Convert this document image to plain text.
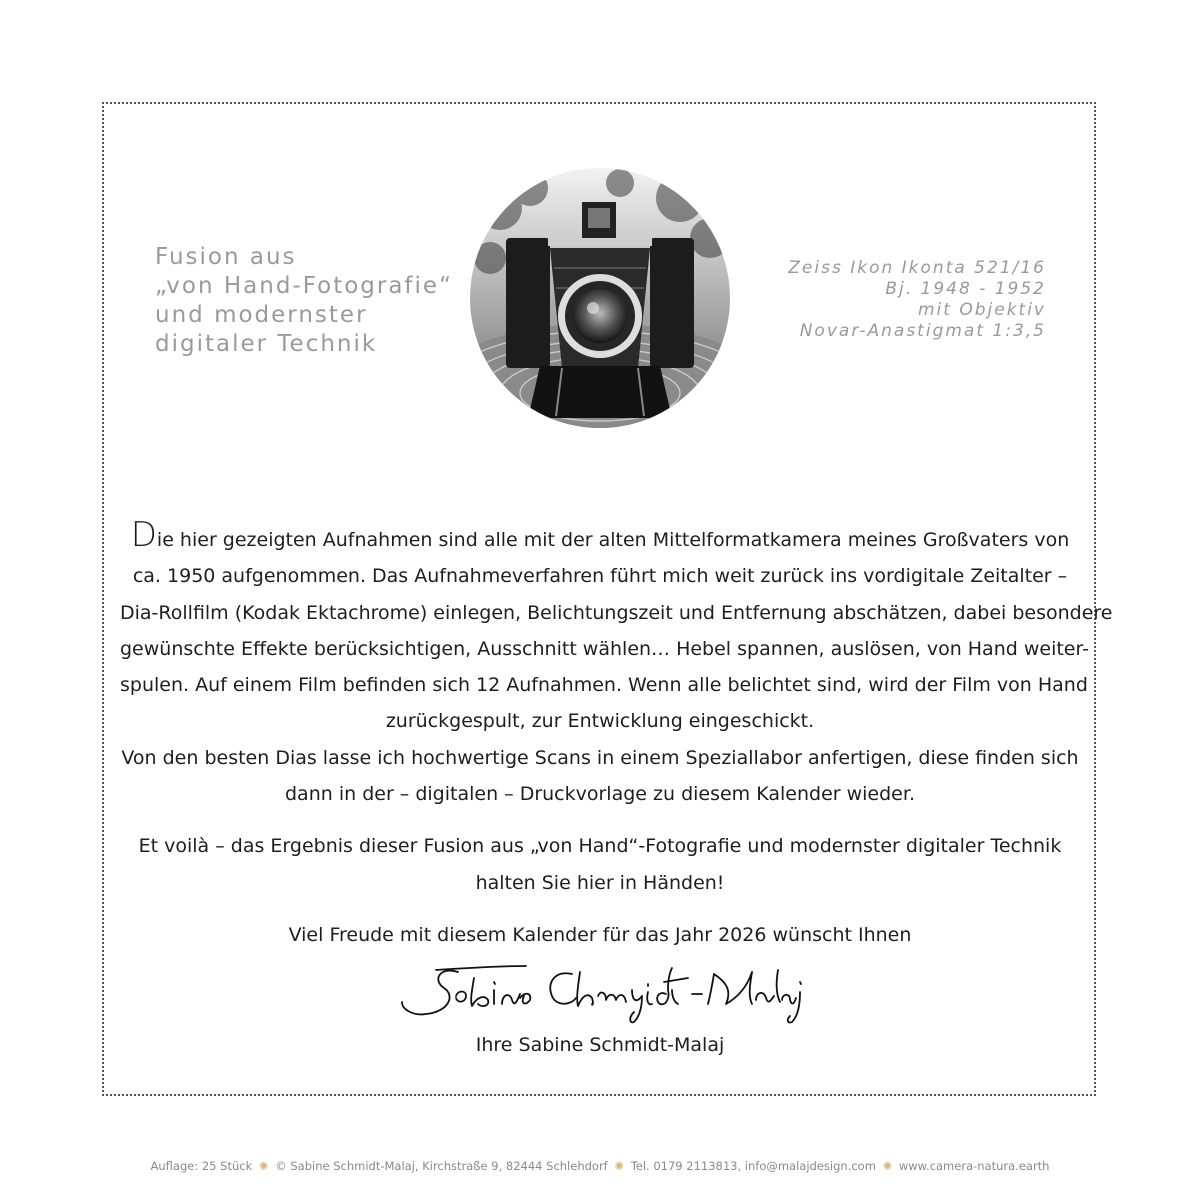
Fusion aus
„von Hand-Fotografie“
und modernster
digitaler Technik
Zeiss Ikon Ikonta 521/16
Bj. 1948 - 1952
mit Objektiv
Novar-Anastigmat 1:3,5

Die hier gezeigten Aufnahmen sind alle mit der alten Mittelformatkamera meines Großvaters von
ca. 1950 aufgenommen. Das Aufnahmeverfahren führt mich weit zurück ins vordigitale Zeitalter –
Dia-Rollfilm (Kodak Ektachrome) einlegen, Belichtungszeit und Entfernung abschätzen, dabei besondere
gewünschte Effekte berücksichtigen, Ausschnitt wählen… Hebel spannen, auslösen, von Hand weiter-
spulen. Auf einem Film befinden sich 12 Aufnahmen. Wenn alle belichtet sind, wird der Film von Hand
zurückgespult, zur Entwicklung eingeschickt.
Von den besten Dias lasse ich hochwertige Scans in einem Speziallabor anfertigen, diese finden sich
dann in der – digitalen – Druckvorlage zu diesem Kalender wieder.

Et voilà – das Ergebnis dieser Fusion aus „von Hand“-Fotografie und modernster digitaler Technik
halten Sie hier in Händen!

Viel Freude mit diesem Kalender für das Jahr 2026 wünscht Ihnen

Ihre Sabine Schmidt-Malaj
Auflage: 25 Stück ✺ © Sabine Schmidt-Malaj, Kirchstraße 9, 82444 Schlehdorf ✺ Tel. 0179 2113813, info@malajdesign.com ✺ www.camera-natura.earth
